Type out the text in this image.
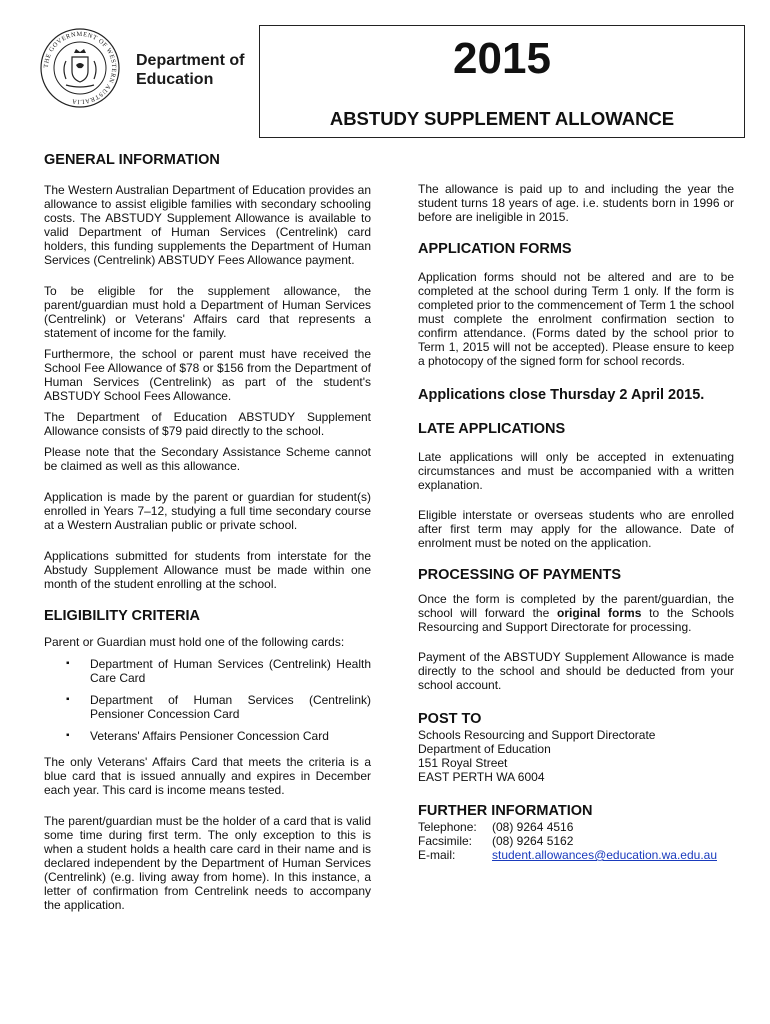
THE GOVERNMENT OF WESTERN AUSTRALIA
Department of
Education	2015
ABSTUDY SUPPLEMENT ALLOWANCE
GENERAL INFORMATION

The Western Australian Department of Education provides an allowance to assist eligible families with secondary schooling costs. The ABSTUDY Supplement Allowance is available to valid Department of Human Services (Centrelink) card holders, this funding supplements the Department of Human Services (Centrelink) ABSTUDY Fees Allowance payment.

To be eligible for the supplement allowance, the parent/guardian must hold a Department of Human Services (Centrelink) or Veterans' Affairs card that represents a statement of income for the family.

Furthermore, the school or parent must have received the School Fee Allowance of $78 or $156 from the Department of Human Services (Centrelink) as part of the student's ABSTUDY School Fees Allowance.

The Department of Education ABSTUDY Supplement Allowance consists of $79 paid directly to the school.

Please note that the Secondary Assistance Scheme cannot be claimed as well as this allowance.

Application is made by the parent or guardian for student(s) enrolled in Years 7–12, studying a full time secondary course at a Western Australian public or private school.

Applications submitted for students from interstate for the Abstudy Supplement Allowance must be made within one month of the student enrolling at the school.

ELIGIBILITY CRITERIA

Parent or Guardian must hold one of the following cards:

▪ Department of Human Services (Centrelink) Health Care Card
▪ Department of Human Services (Centrelink) Pensioner Concession Card
▪ Veterans' Affairs Pensioner Concession Card

The only Veterans' Affairs Card that meets the criteria is a blue card that is issued annually and expires in December each year. This card is income means tested.

The parent/guardian must be the holder of a card that is valid some time during first term. The only exception to this is when a student holds a health care card in their name and is declared independent by the Department of Human Services (Centrelink) (e.g. living away from home). In this instance, a letter of confirmation from Centrelink needs to accompany the application.

The allowance is paid up to and including the year the student turns 18 years of age. i.e. students born in 1996 or before are ineligible in 2015.

APPLICATION FORMS

Application forms should not be altered and are to be completed at the school during Term 1 only. If the form is completed prior to the commencement of Term 1 the school must complete the enrolment confirmation section to confirm attendance. (Forms dated by the school prior to Term 1, 2015 will not be accepted). Please ensure to keep a photocopy of the signed form for school records.

Applications close Thursday 2 April 2015.
LATE APPLICATIONS

Late applications will only be accepted in extenuating circumstances and must be accompanied with a written explanation.

Eligible interstate or overseas students who are enrolled after first term may apply for the allowance. Date of enrolment must be noted on the application.

PROCESSING OF PAYMENTS

Once the form is completed by the parent/guardian, the school will forward the original forms to the Schools Resourcing and Support Directorate for processing.

Payment of the ABSTUDY Supplement Allowance is made directly to the school and should be deducted from your school account.

POST TO
Schools Resourcing and Support Directorate
Department of Education
151 Royal Street
EAST PERTH WA 6004
FURTHER INFORMATION
Telephone:	(08) 9264 4516
Facsimile:	(08) 9264 5162
E-mail:	student.allowances@education.wa.edu.au
